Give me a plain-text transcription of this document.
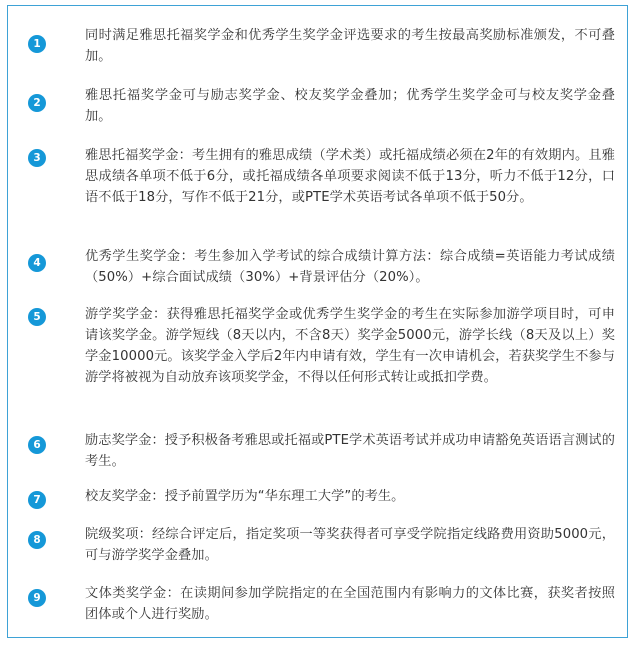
1

同时满足雅思托福奖学金和优秀学生奖学金评选要求的考生按最高奖励标准颁发，不可叠加。

2	雅思托福奖学金可与励志奖学金、校友奖学金叠加；优秀学生奖学金可与校友奖学金叠加。

3	雅思托福奖学金：考生拥有的雅思成绩（学术类）或托福成绩必须在2年的有效期内。且雅思成绩各单项不低于6分，或托福成绩各单项要求阅读不低于13分，听力不低于12分，口语不低于18分，写作不低于21分，或PTE学术英语考试各单项不低于50分。

4	优秀学生奖学金：考生参加入学考试的综合成绩计算方法：综合成绩=英语能力考试成绩（50%）+综合面试成绩（30%）+背景评估分（20%）。

5	游学奖学金：获得雅思托福奖学金或优秀学生奖学金的考生在实际参加游学项目时，可申请该奖学金。游学短线（8天以内，不含8天）奖学金5000元，游学长线（8天及以上）奖学金10000元。该奖学金入学后2年内申请有效，学生有一次申请机会，若获奖学生不参与游学将被视为自动放弃该项奖学金，不得以任何形式转让或抵扣学费。

6	励志奖学金：授予积极备考雅思或托福或PTE学术英语考试并成功申请豁免英语语言测试的考生。

7	校友奖学金：授予前置学历为“华东理工大学”的考生。

8	院级奖项：经综合评定后，指定奖项一等奖获得者可享受学院指定线路费用资助5000元，可与游学奖学金叠加。

9	文体类奖学金：在读期间参加学院指定的在全国范围内有影响力的文体比赛，获奖者按照团体或个人进行奖励。
